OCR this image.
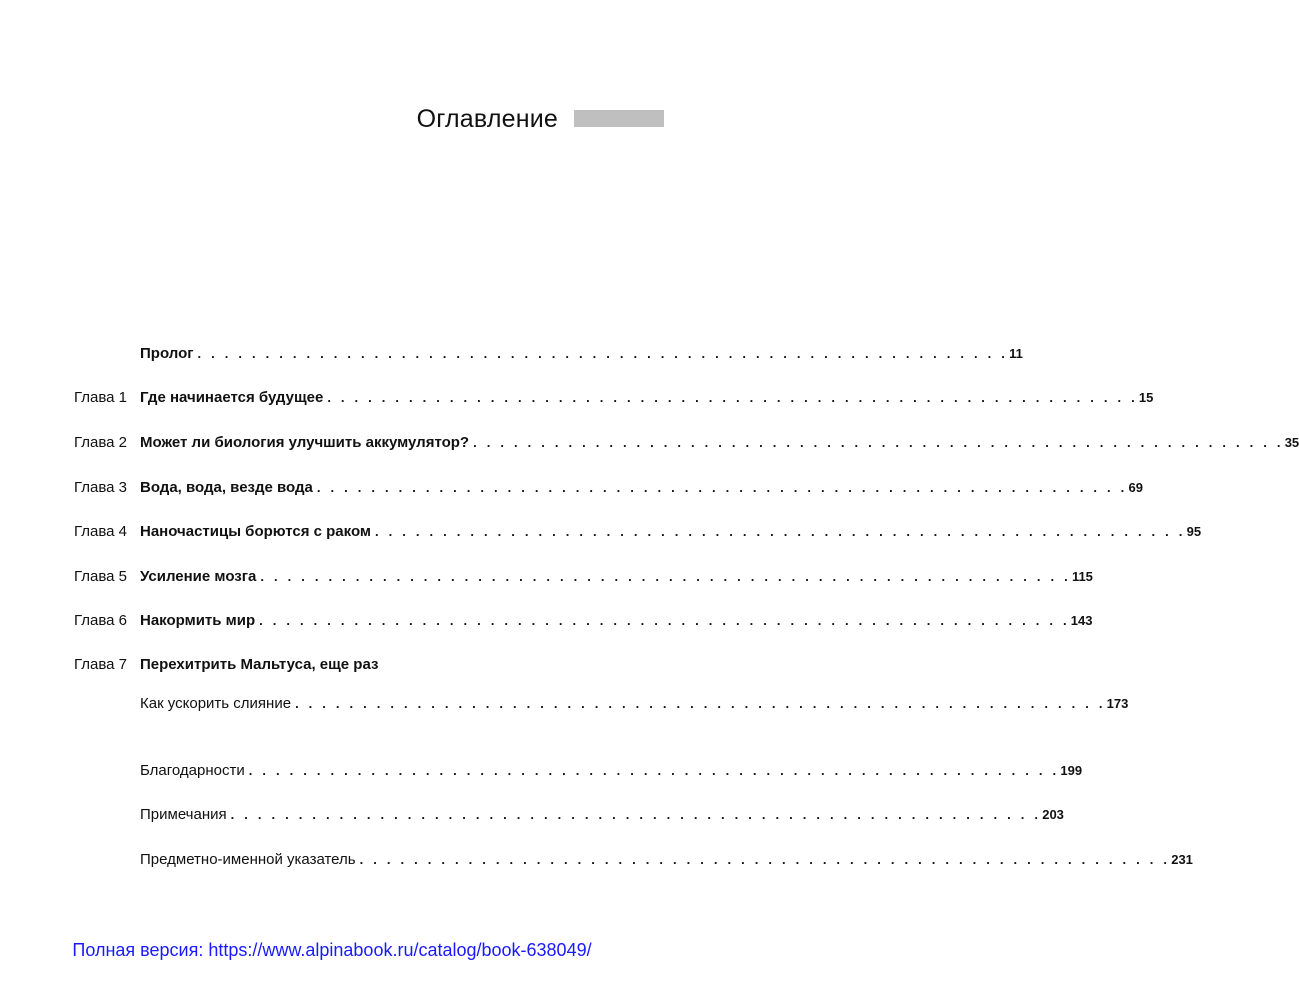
Оглавление
Пролог . . . . . . . . . . . . . . . . . . . . . . . . . . . . . . . . . . . . . . . . . . . . . . . . . . . . . . . . . . . . 11
Глава 1 Где начинается будущее . . . . . . . . . . . . . . . . . . . . . . . . . . . . . . . . . . . . . . . . . . . . . . . . . . . . . . . . . . . . 15
Глава 2 Может ли биология улучшить аккумулятор? . . . . . . . . . . . . . . . . . . . . . . . . . . . . . . . . . . . . . . . . . . . . . . . . . . . . . . . . . . . . 35
Глава 3 Вода, вода, везде вода . . . . . . . . . . . . . . . . . . . . . . . . . . . . . . . . . . . . . . . . . . . . . . . . . . . . . . . . . . . . 69
Глава 4 Наночастицы борются с раком . . . . . . . . . . . . . . . . . . . . . . . . . . . . . . . . . . . . . . . . . . . . . . . . . . . . . . . . . . . . 95
Глава 5 Усиление мозга . . . . . . . . . . . . . . . . . . . . . . . . . . . . . . . . . . . . . . . . . . . . . . . . . . . . . . . . . . . . 115
Глава 6 Накормить мир . . . . . . . . . . . . . . . . . . . . . . . . . . . . . . . . . . . . . . . . . . . . . . . . . . . . . . . . . . . . 143
Глава 7 Перехитрить Мальтуса, еще раз
Как ускорить слияние . . . . . . . . . . . . . . . . . . . . . . . . . . . . . . . . . . . . . . . . . . . . . . . . . . . . . . . . . . . . 173
Благодарности . . . . . . . . . . . . . . . . . . . . . . . . . . . . . . . . . . . . . . . . . . . . . . . . . . . . . . . . . . . . 199
Примечания . . . . . . . . . . . . . . . . . . . . . . . . . . . . . . . . . . . . . . . . . . . . . . . . . . . . . . . . . . . . 203
Предметно-именной указатель . . . . . . . . . . . . . . . . . . . . . . . . . . . . . . . . . . . . . . . . . . . . . . . . . . . . . . . . . . . . 231
Полная версия: https://www.alpinabook.ru/catalog/book-638049/
